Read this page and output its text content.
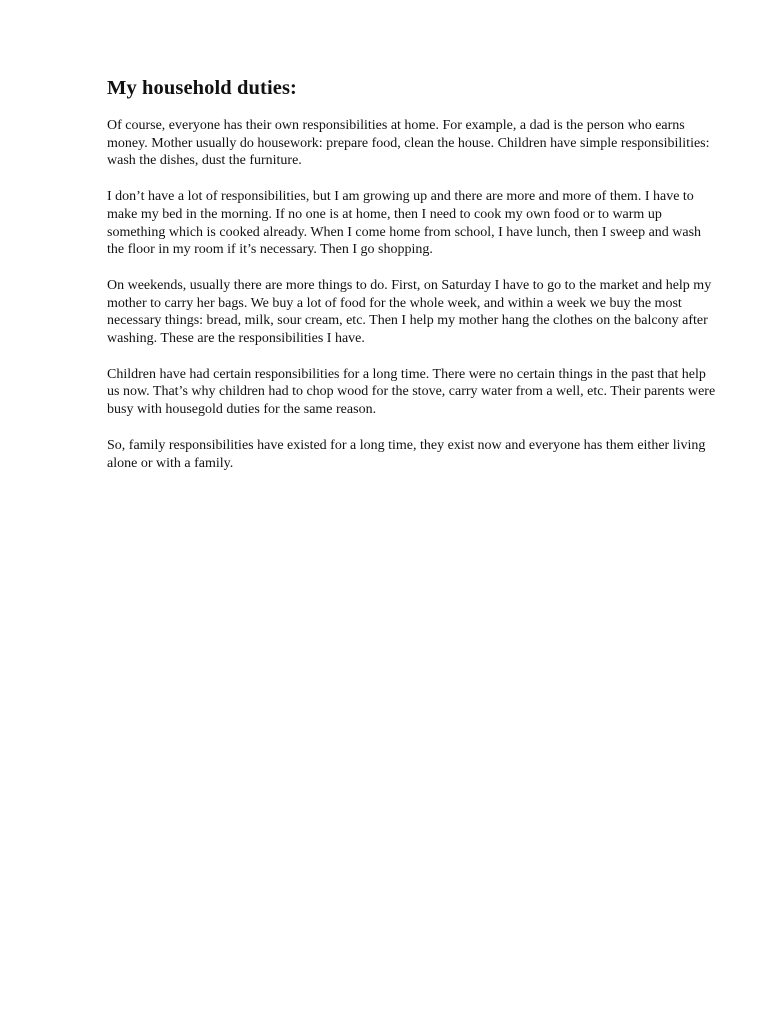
My household duties:

Of course, everyone has their own responsibilities at home. For example, a dad is the person who earns money. Mother usually do housework: prepare food, clean the house. Children have simple responsibilities: wash the dishes, dust the furniture.

I don’t have a lot of responsibilities, but I am growing up and there are more and more of them. I have to make my bed in the morning. If no one is at home, then I need to cook my own food or to warm up something which is cooked already. When I come home from school, I have lunch, then I sweep and wash the floor in my room if it’s necessary. Then I go shopping.

On weekends, usually there are more things to do. First, on Saturday I have to go to the market and help my mother to carry her bags. We buy a lot of food for the whole week, and within a week we buy the most necessary things: bread, milk, sour cream, etc. Then I help my mother hang the clothes on the balcony after washing. These are the responsibilities I have.

Children have had certain responsibilities for a long time. There were no certain things in the past that help us now. That’s why children had to chop wood for the stove, carry water from a well, etc. Their parents were busy with housegold duties for the same reason.

So, family responsibilities have existed for a long time, they exist now and everyone has them either living alone or with a family.
